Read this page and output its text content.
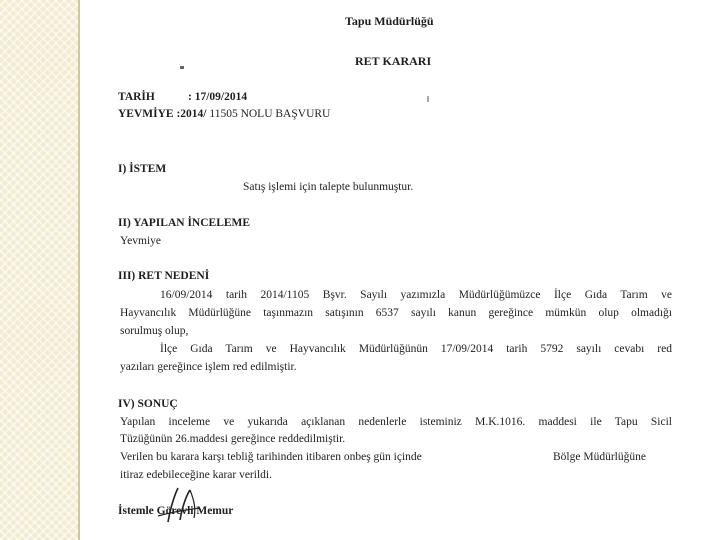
Tapu Müdürlüğü
RET KARARI
TARİH	: 17/09/2014
YEVMİYE :2014/ 11505 NOLU BAŞVURU
I) İSTEM
Satış işlemi için talepte bulunmuştur.
II) YAPILAN İNCELEME
Yevmiye
III) RET NEDENİ
16/09/2014 tarih 2014/1105 Bşvr. Sayılı yazımızla Müdürlüğümüzce İlçe Gıda Tarım ve
Hayvancılık Müdürlüğüne taşınmazın satışının 6537 sayılı kanun gereğince mümkün olup olmadığı
sorulmuş olup,
İlçe Gıda Tarım ve Hayvancılık Müdürlüğünün 17/09/2014 tarih 5792 sayılı cevabı red
yazıları gereğince işlem red edilmiştir.
IV) SONUÇ
Yapılan inceleme ve yukarıda açıklanan nedenlerle isteminiz M.K.1016. maddesi ile Tapu Sicil
Tüzüğünün 26.maddesi gereğince reddedilmiştir.
Verilen bu karara karşı tebliğ tarihinden itibaren onbeş gün içinde	Bölge Müdürlüğüne
itiraz edebileceğine karar verildi.
İstemle Görevli Memur
